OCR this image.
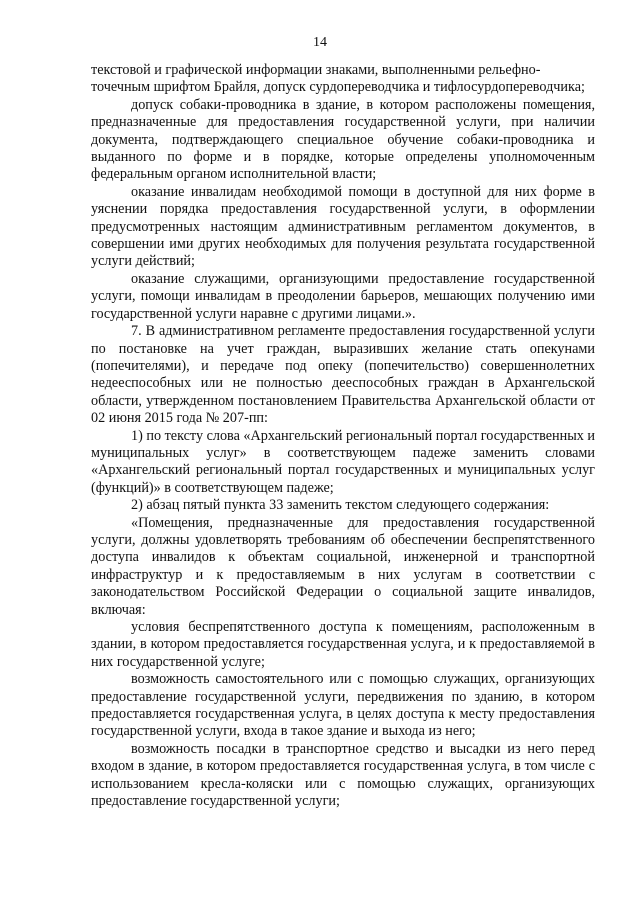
14

текстовой и графической информации знаками, выполненными рельефно-
точечным шрифтом Брайля, допуск сурдопереводчика и тифлосурдопереводчика;

допуск собаки-проводника в здание, в котором расположены помещения, предназначенные для предоставления государственной услуги, при наличии документа, подтверждающего специальное обучение собаки-проводника и выданного по форме и в порядке, которые определены уполномоченным федеральным органом исполнительной власти;

оказание инвалидам необходимой помощи в доступной для них форме в уяснении порядка предоставления государственной услуги, в оформлении предусмотренных настоящим административным регламентом документов, в совершении ими других необходимых для получения результата государственной услуги действий;

оказание служащими, организующими предоставление государственной услуги, помощи инвалидам в преодолении барьеров, мешающих получению ими государственной услуги наравне с другими лицами.».

7. В административном регламенте предоставления государственной услуги по постановке на учет граждан, выразивших желание стать опекунами (попечителями), и передаче под опеку (попечительство) совершеннолетних недееспособных или не полностью дееспособных граждан в Архангельской области, утвержденном постановлением Правительства Архангельской области от 02 июня 2015 года № 207-пп:

1) по тексту слова «Архангельский региональный портал государственных и муниципальных услуг» в соответствующем падеже заменить словами «Архангельский региональный портал государственных и муниципальных услуг (функций)» в соответствующем падеже;

2) абзац пятый пункта 33 заменить текстом следующего содержания:

«Помещения, предназначенные для предоставления государственной услуги, должны удовлетворять требованиям об обеспечении беспрепятственного доступа инвалидов к объектам социальной, инженерной и транспортной инфраструктур и к предоставляемым в них услугам в соответствии с законодательством Российской Федерации о социальной защите инвалидов, включая:

условия беспрепятственного доступа к помещениям, расположенным в здании, в котором предоставляется государственная услуга, и к предоставляемой в них государственной услуге;

возможность самостоятельного или с помощью служащих, организующих предоставление государственной услуги, передвижения по зданию, в котором предоставляется государственная услуга, в целях доступа к месту предоставления государственной услуги, входа в такое здание и выхода из него;

возможность посадки в транспортное средство и высадки из него перед входом в здание, в котором предоставляется государственная услуга, в том числе с использованием кресла-коляски или с помощью служащих, организующих предоставление государственной услуги;
